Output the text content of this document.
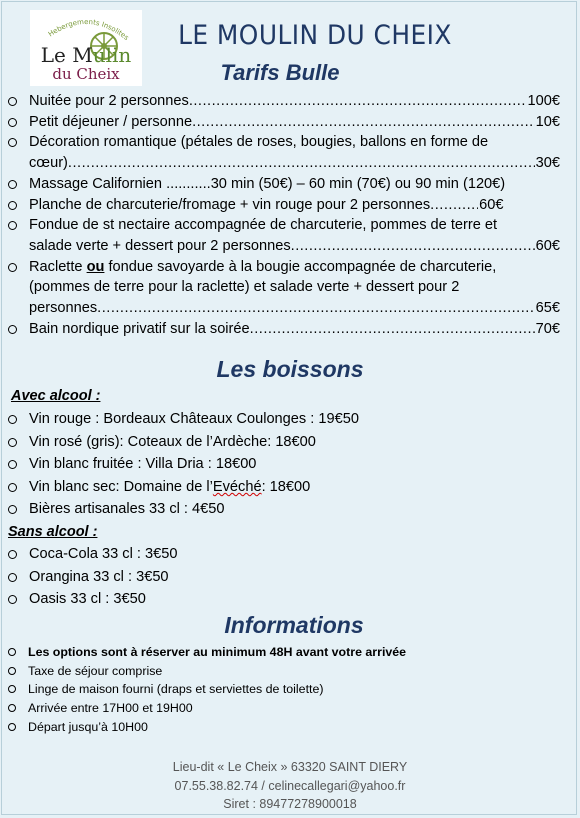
Hebergements Insolites
Le Mulin
du Cheix
LE MOULIN DU CHEIX
Tarifs Bulle
Nuitée pour 2 personnes .....	100€
Petit déjeuner / personne .....	10€
Décoration romantique (pétales de roses, bougies, ballons en forme de
cœur) .....	30€
Massage Californien ...........30 min (50€) – 60 min (70€) ou 90 min (120€)
Planche de charcuterie/fromage + vin rouge pour 2 personnes .....	60€
Fondue de st nectaire accompagnée de charcuterie, pommes de terre et
salade verte + dessert pour 2 personnes .....	60€
Raclette ou fondue savoyarde à la bougie accompagnée de charcuterie,
(pommes de terre pour la raclette) et salade verte + dessert pour 2
personnes .....	65€
Bain nordique privatif sur la soirée .....	70€
Les boissons
Avec alcool :
Vin rouge : Bordeaux Châteaux Coulonges : 19€50
Vin rosé (gris): Coteaux de l’Ardèche: 18€00
Vin blanc fruitée : Villa Dria : 18€00
Vin blanc sec: Domaine de l’Evéché: 18€00
Bières artisanales 33 cl : 4€50
Sans alcool :
Coca-Cola 33 cl : 3€50
Orangina 33 cl : 3€50
Oasis 33 cl : 3€50
Informations
Les options sont à réserver au minimum 48H avant votre arrivée
Taxe de séjour comprise
Linge de maison fourni (draps et serviettes de toilette)
Arrivée entre 17H00 et 19H00
Départ jusqu’à 10H00
Lieu-dit « Le Cheix » 63320 SAINT DIERY
07.55.38.82.74 / celinecallegari@yahoo.fr
Siret : 89477278900018
